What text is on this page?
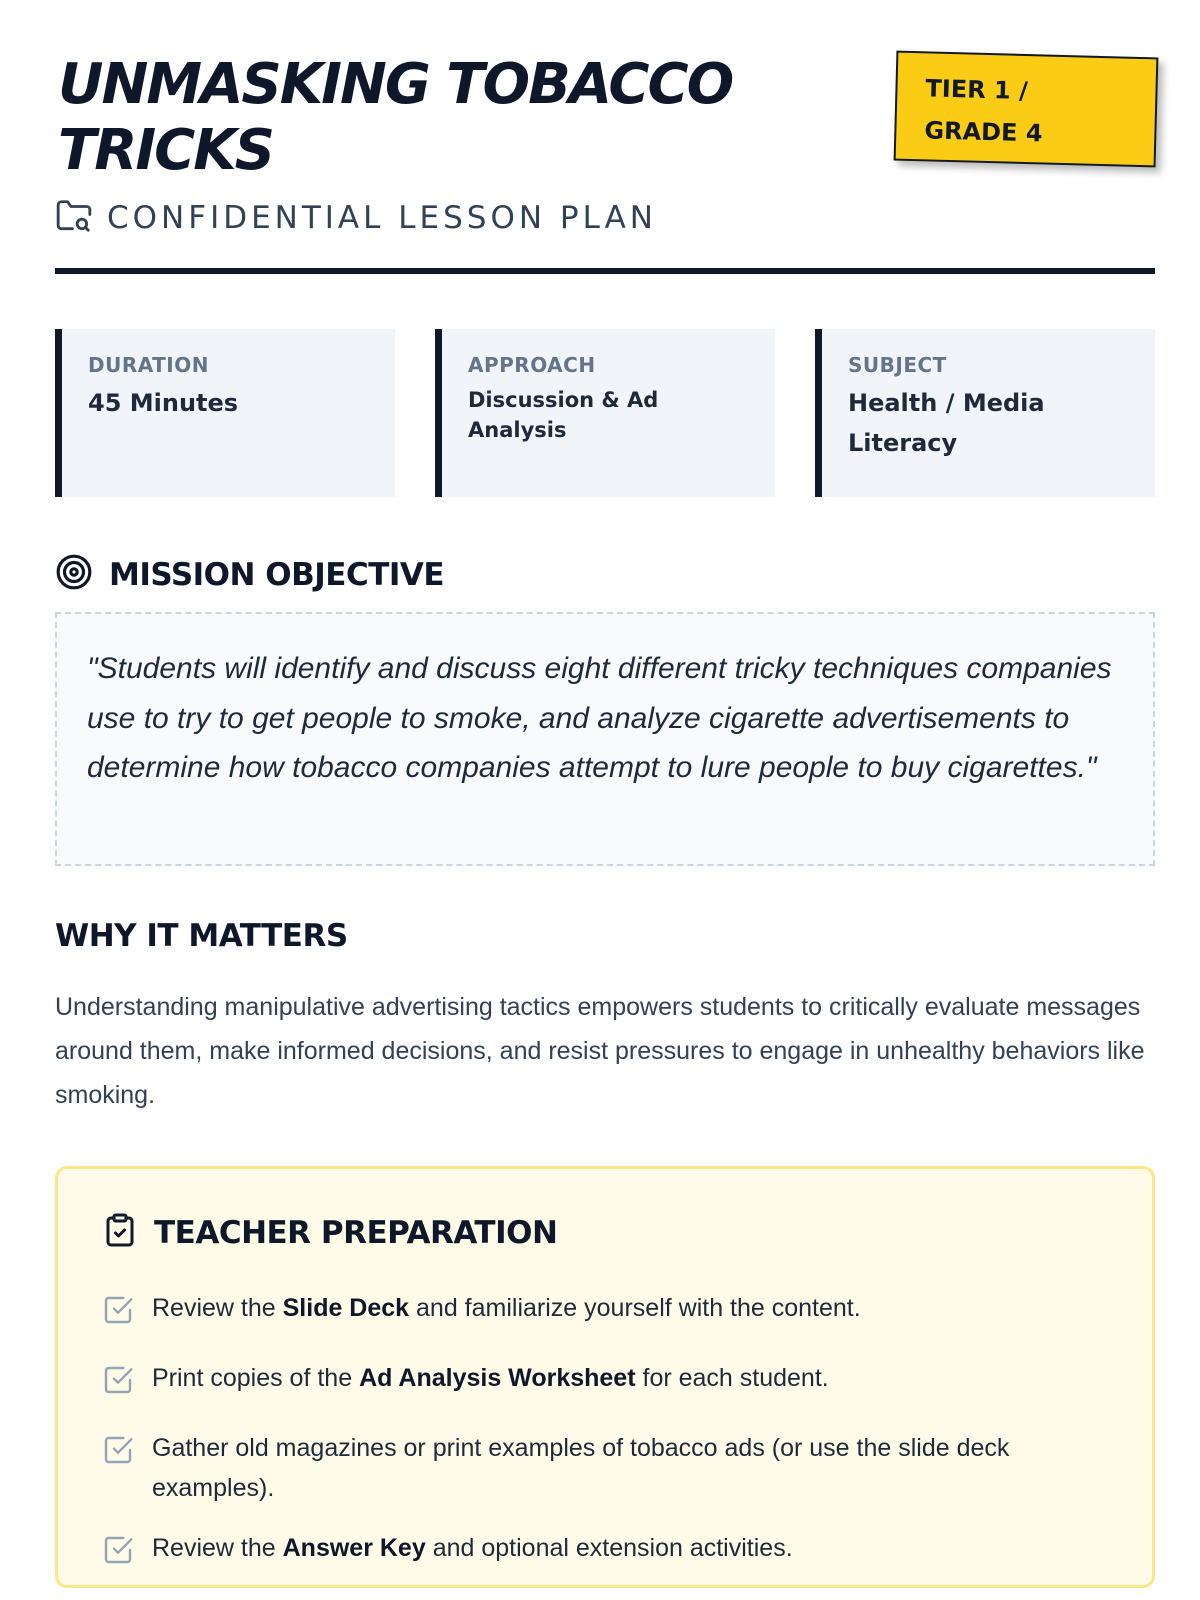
UNMASKING TOBACCO TRICKS
TIER 1 /
GRADE 4
CONFIDENTIAL LESSON PLAN
DURATION
45 Minutes
APPROACH
Discussion & Ad Analysis
SUBJECT
Health / Media Literacy
MISSION OBJECTIVE

"Students will identify and discuss eight different tricky techniques companies use to try to get people to smoke, and analyze cigarette advertisements to determine how tobacco companies attempt to lure people to buy cigarettes."

WHY IT MATTERS

Understanding manipulative advertising tactics empowers students to critically evaluate messages around them, make informed decisions, and resist pressures to engage in unhealthy behaviors like smoking.

TEACHER PREPARATION
Review the Slide Deck and familiarize yourself with the content.
Print copies of the Ad Analysis Worksheet for each student.
Gather old magazines or print examples of tobacco ads (or use the slide deck examples).
Review the Answer Key and optional extension activities.
